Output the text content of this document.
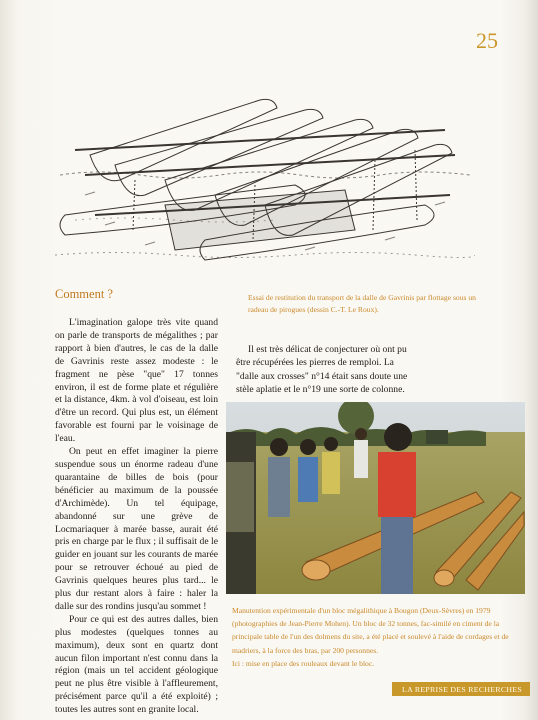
25
Comment ?	Essai de restitution du transport de la dalle de Gavrinis par flottage sous un radeau de pirogues (dessin C.-T. Le Roux).

L'imagination galope très vite quand on parle de transports de mégalithes ; par rapport à bien d'autres, le cas de la dalle de Gavrinis reste assez modeste : le fragment ne pèse "que" 17 tonnes environ, il est de forme plate et régulière et la distance, 4km. à vol d'oiseau, est loin d'être un record. Qui plus est, un élément favorable est fourni par le voisinage de l'eau.

On peut en effet imaginer la pierre suspendue sous un énorme radeau d'une quarantaine de billes de bois (pour bénéficier au maximum de la poussée d'Archimède). Un tel équipage, abandonné sur une grève de Locmariaquer à marée basse, aurait été pris en charge par le flux ; il suffisait de le guider en jouant sur les courants de marée pour se retrouver échoué au pied de Gavrinis quelques heures plus tard... le plus dur restant alors à faire : haler la dalle sur des rondins jusqu'au sommet !

Pour ce qui est des autres dalles, bien plus modestes (quelques tonnes au maximum), deux sont en quartz dont aucun filon important n'est connu dans la région (mais un tel accident géologique peut ne plus être visible à l'affleurement, précisément parce qu'il a été exploité) ; toutes les autres sont en granite local.

Il est très délicat de conjecturer où ont pu être récupérées les pierres de remploi. La "dalle aux crosses" n°14 était sans doute une stèle aplatie et le n°19 une sorte de colonne.

Manutention expérimentale d'un bloc mégalithique à Bougon (Deux-Sèvres) en 1979 (photographies de Jean-Pierre Mohen). Un bloc de 32 tonnes, fac-similé en ciment de la principale table de l'un des dolmens du site, a été placé et soulevé à l'aide de cordages et de madriers, à la force des bras, par 200 personnes.
Ici : mise en place des rouleaux devant le bloc.
LA REPRISE DES RECHERCHES
